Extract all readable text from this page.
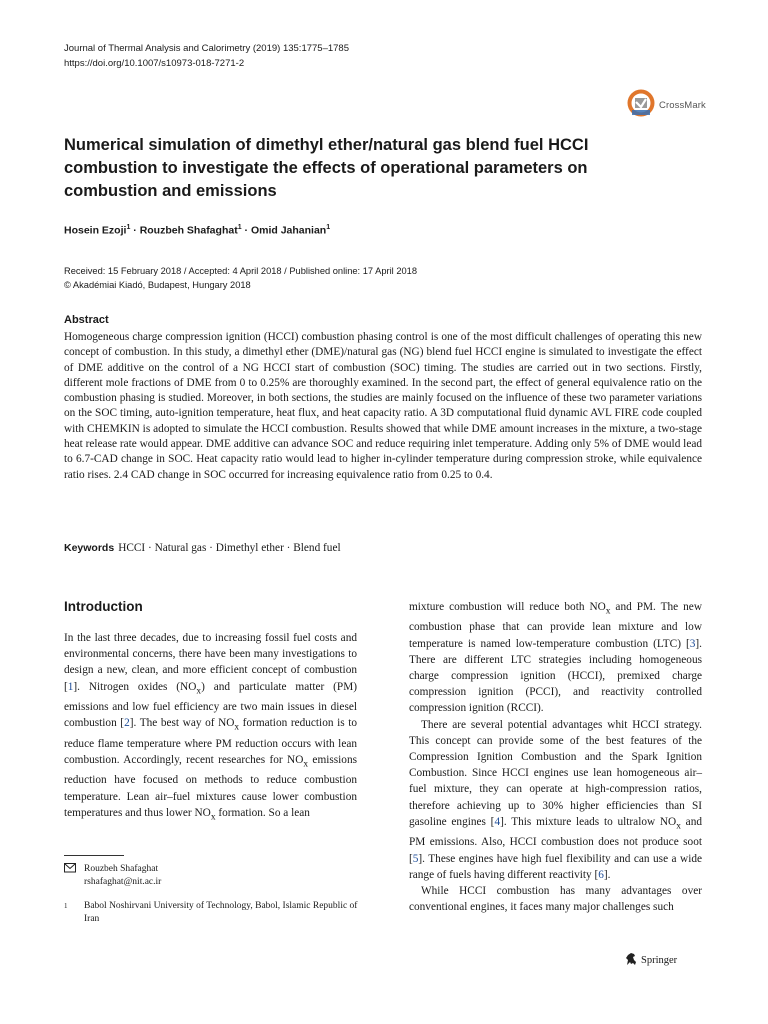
Journal of Thermal Analysis and Calorimetry (2019) 135:1775–1785
https://doi.org/10.1007/s10973-018-7271-2
CrossMark
Numerical simulation of dimethyl ether/natural gas blend fuel HCCI combustion to investigate the effects of operational parameters on combustion and emissions
Hosein Ezoji$^1$ · Rouzbeh Shafaghat$^1$ · Omid Jahanian$^1$
Received: 15 February 2018 / Accepted: 4 April 2018 / Published online: 17 April 2018
© Akadémiai Kiadó, Budapest, Hungary 2018
Abstract

Homogeneous charge compression ignition (HCCI) combustion phasing control is one of the most difficult challenges of operating this new concept of combustion. In this study, a dimethyl ether (DME)/natural gas (NG) blend fuel HCCI engine is simulated to investigate the effect of DME additive on the control of a NG HCCI start of combustion (SOC) timing. The studies are carried out in two sections. Firstly, different mole fractions of DME from 0 to 0.25% are thoroughly examined. In the second part, the effect of general equivalence ratio on the combustion phasing is studied. Moreover, in both sections, the studies are mainly focused on the influence of these two parameter variations on the SOC timing, auto-ignition temperature, heat flux, and heat capacity ratio. A 3D computational fluid dynamic AVL FIRE code coupled with CHEMKIN is adopted to simulate the HCCI combustion. Results showed that while DME amount increases in the mixture, a two-stage heat release rate would appear. DME additive can advance SOC and reduce requiring inlet temperature. Adding only 5% of DME would lead to 6.7-CAD change in SOC. Heat capacity ratio would lead to higher in-cylinder temperature during compression stroke, while equivalence ratio rises. 2.4 CAD change in SOC occurred for increasing equivalence ratio from 0.25 to 0.4.

Keywords HCCI · Natural gas · Dimethyl ether · Blend fuel
Introduction

In the last three decades, due to increasing fossil fuel costs and environmental concerns, there have been many investigations to design a new, clean, and more efficient concept of combustion [1]. Nitrogen oxides $(NO_x)$ and particulate matter (PM) emissions and low fuel efficiency are two main issues in diesel combustion [2]. The best way of $NO_x$ formation reduction is to reduce flame temperature where PM reduction occurs with lean combustion. Accordingly, recent researches for $NO_x$ emissions reduction have focused on methods to reduce combustion temperature. Lean air–fuel mixtures cause lower combustion temperatures and thus lower $NO_x$ formation. So a lean

mixture combustion will reduce both $NO_x$ and PM. The new combustion phase that can provide lean mixture and low temperature is named low-temperature combustion (LTC) [3]. There are different LTC strategies including homogeneous charge compression ignition (HCCI), premixed charge compression ignition (PCCI), and reactivity controlled compression ignition (RCCI).

There are several potential advantages whit HCCI strategy. This concept can provide some of the best features of the Compression Ignition Combustion and the Spark Ignition Combustion. Since HCCI engines use lean homogeneous air–fuel mixture, they can operate at high-compression ratios, therefore achieving up to 30% higher efficiencies than SI gasoline engines [4]. This mixture leads to ultralow $NO_x$ and PM emissions. Also, HCCI combustion does not produce soot [5]. These engines have high fuel flexibility and can use a wide range of fuels having different reactivity [6].

While HCCI combustion has many advantages over conventional engines, it faces many major challenges such

Rouzbeh Shafaghat
rshafaghat@nit.ac.ir
1 Babol Noshirvani University of Technology, Babol, Islamic Republic of Iran
Springer
